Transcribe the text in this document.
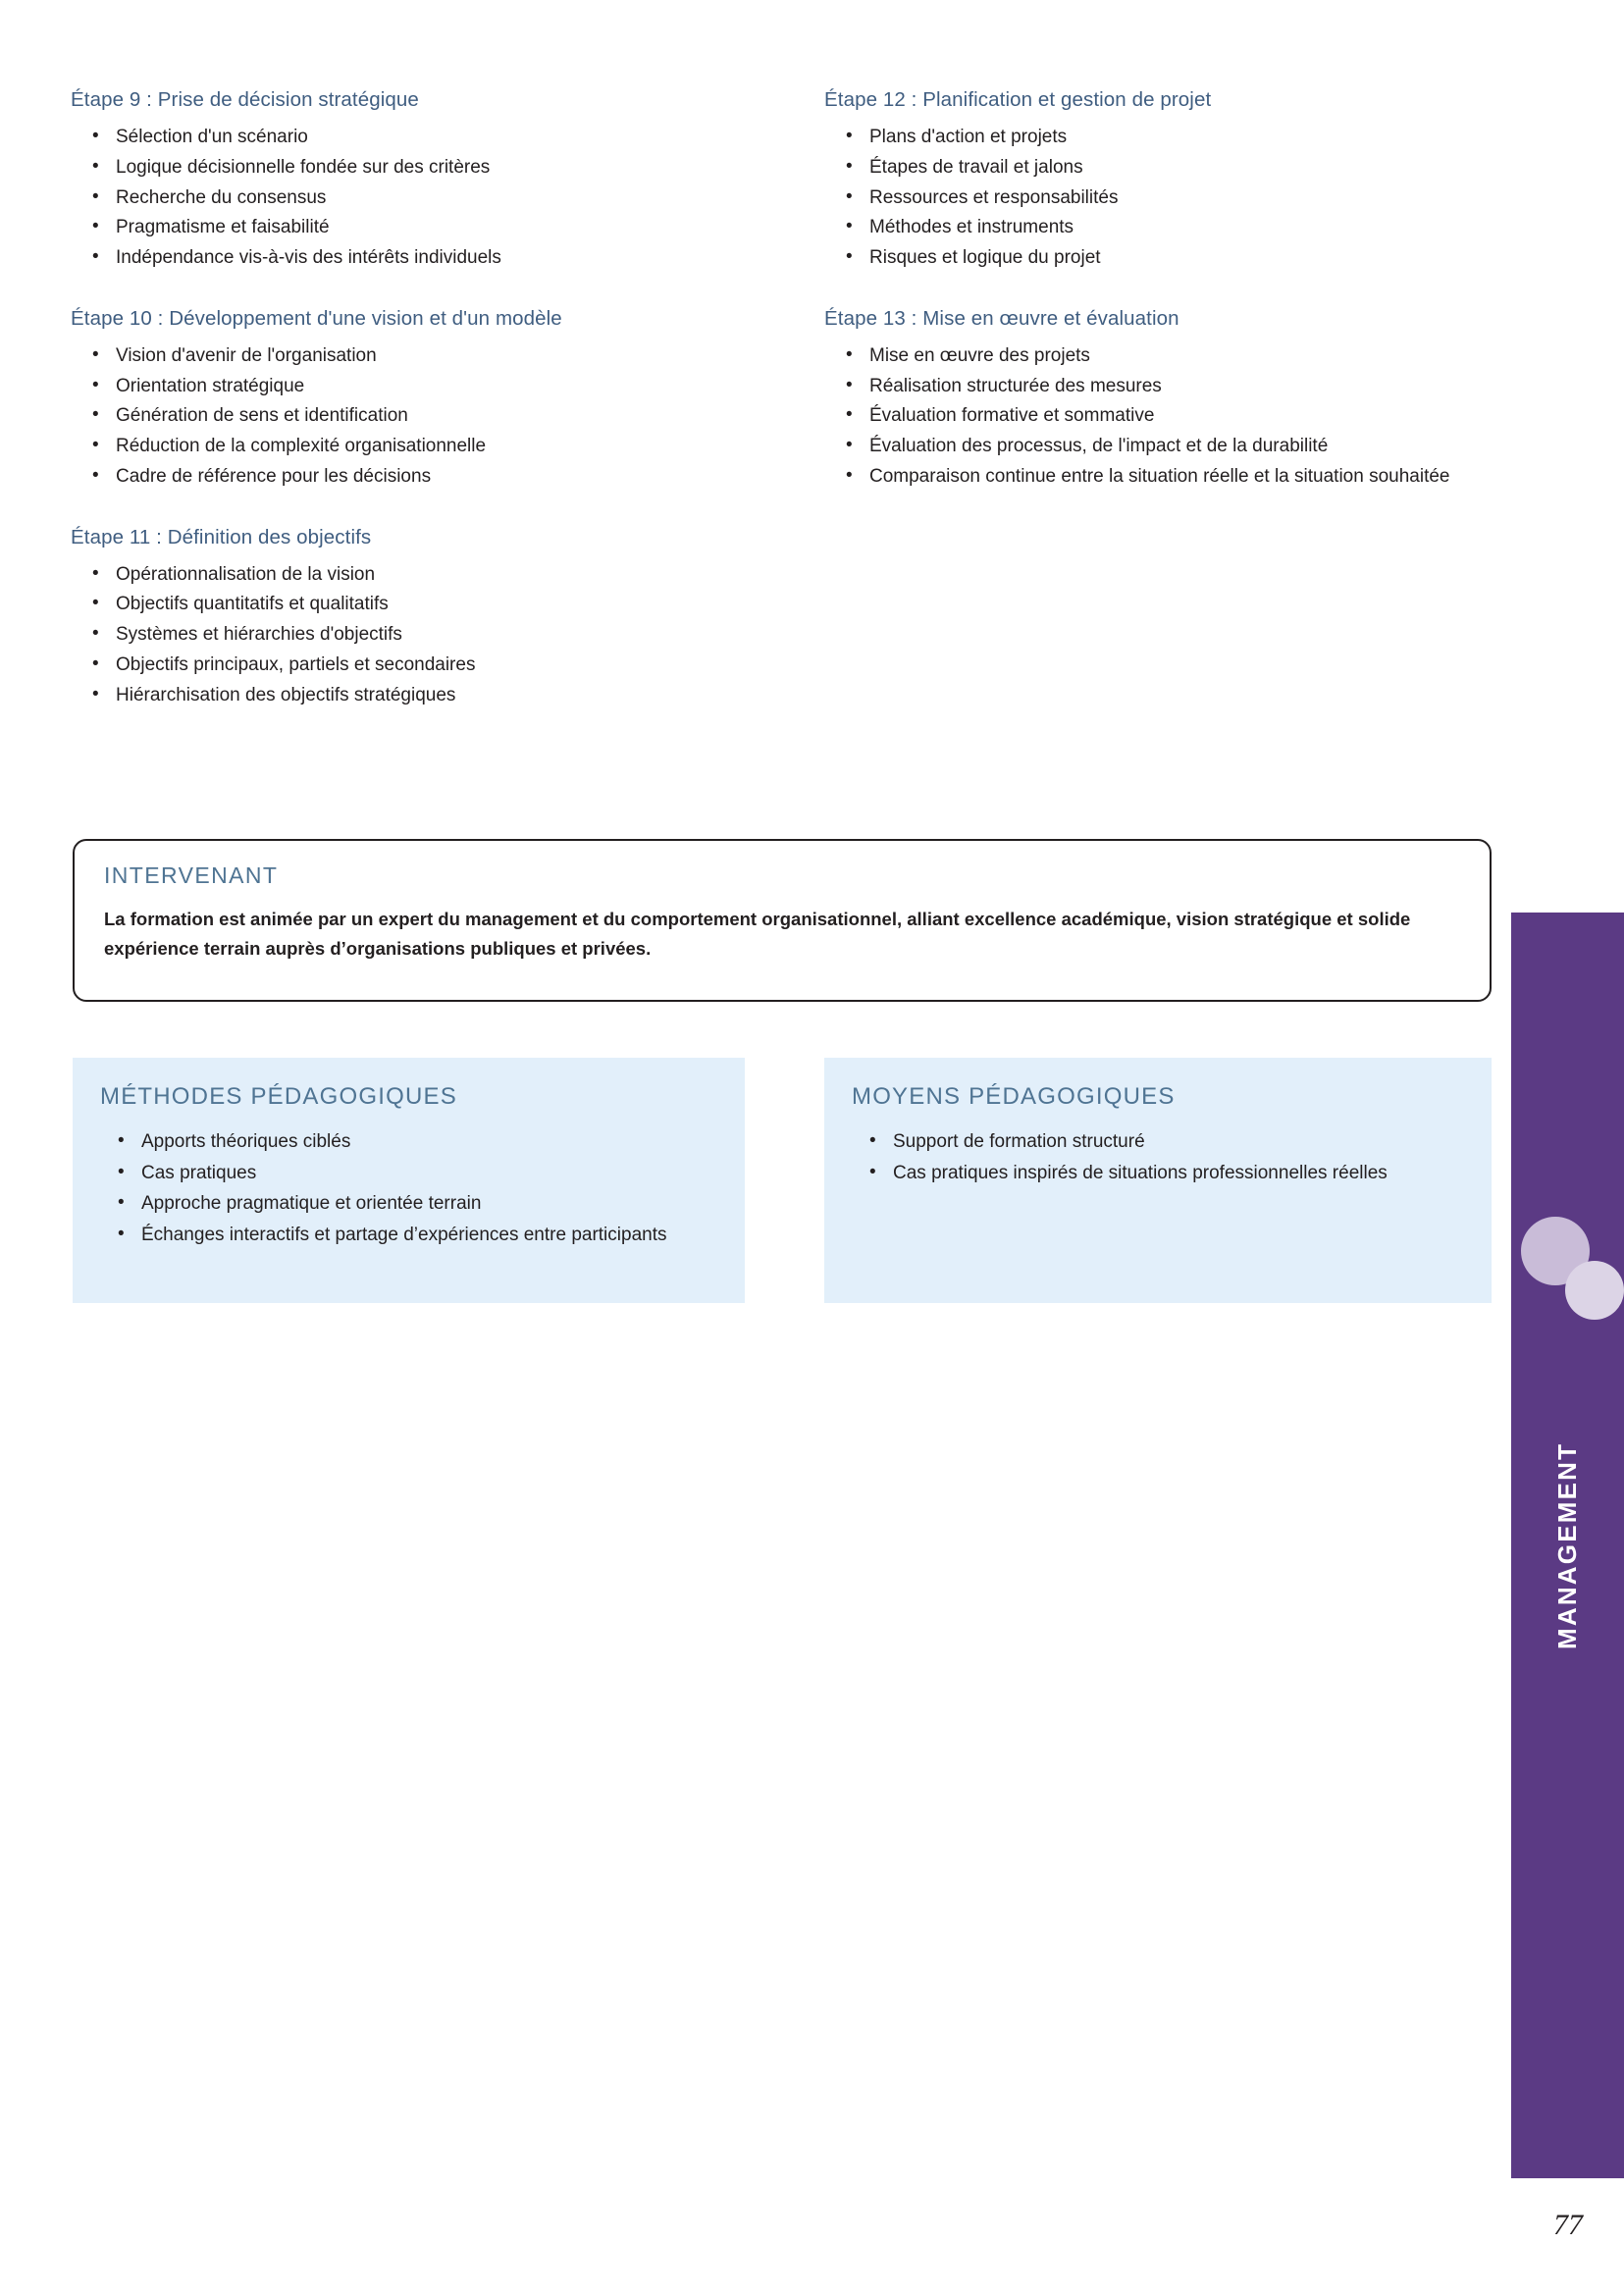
Étape 9 : Prise de décision stratégique
• Sélection d'un scénario
• Logique décisionnelle fondée sur des critères
• Recherche du consensus
• Pragmatisme et faisabilité
• Indépendance vis-à-vis des intérêts individuels
Étape 10 : Développement d'une vision et d'un modèle
• Vision d'avenir de l'organisation
• Orientation stratégique
• Génération de sens et identification
• Réduction de la complexité organisationnelle
• Cadre de référence pour les décisions
Étape 11 : Définition des objectifs
• Opérationnalisation de la vision
• Objectifs quantitatifs et qualitatifs
• Systèmes et hiérarchies d'objectifs
• Objectifs principaux, partiels et secondaires
• Hiérarchisation des objectifs stratégiques
Étape 12 : Planification et gestion de projet
• Plans d'action et projets
• Étapes de travail et jalons
• Ressources et responsabilités
• Méthodes et instruments
• Risques et logique du projet
Étape 13 : Mise en œuvre et évaluation
• Mise en œuvre des projets
• Réalisation structurée des mesures
• Évaluation formative et sommative
• Évaluation des processus, de l'impact et de la durabilité
• Comparaison continue entre la situation réelle et la situation souhaitée
INTERVENANT

La formation est animée par un expert du management et du comportement organisationnel, alliant excellence académique, vision stratégique et solide expérience terrain auprès d’organisations publiques et privées.

MÉTHODES PÉDAGOGIQUES
• Apports théoriques ciblés
• Cas pratiques
• Approche pragmatique et orientée terrain
• Échanges interactifs et partage d’expériences entre participants
MOYENS PÉDAGOGIQUES
• Support de formation structuré
• Cas pratiques inspirés de situations professionnelles réelles
MANAGEMENT
77
